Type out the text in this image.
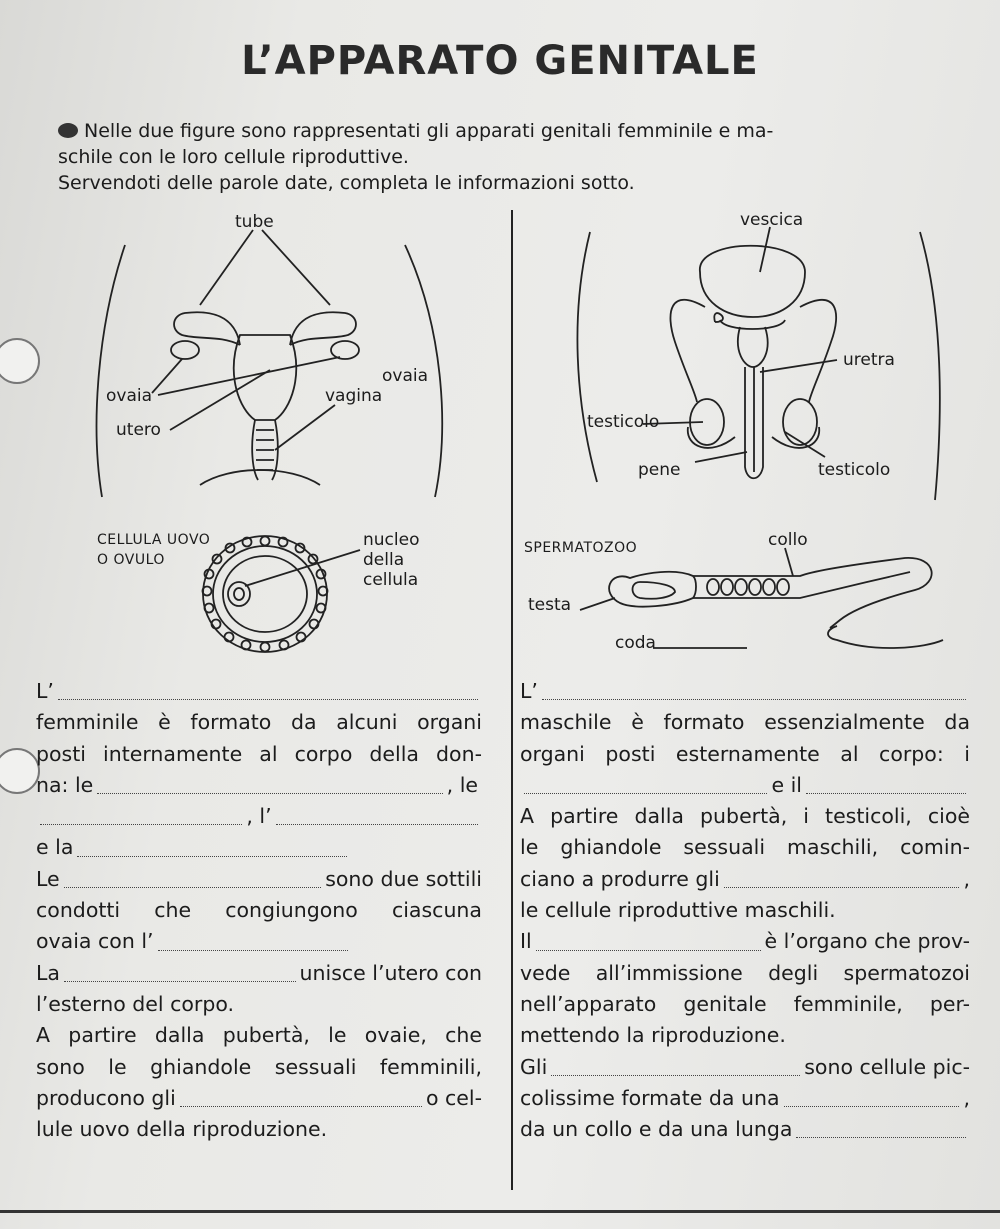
L’APPARATO GENITALE
Nelle due figure sono rappresentati gli apparati genitali femminile e ma-
schile con le loro cellule riproduttive.
Servendoti delle parole date, completa le informazioni sotto.
tube
ovaia
ovaia	vagina
utero
vescica
uretra
testicolo
pene	testicolo
CELLULA UOVO
O OVULO
nucleo
della
cellula
SPERMATOZOO	collo
testa
coda
L’
femminile è formato da alcuni organi
posti internamente al corpo della don-
na: le	, le
, l’
e la
Le	sono due sottili
condotti che congiungono ciascuna
ovaia con l’
La	unisce l’utero con
l’esterno del corpo.
A partire dalla pubertà, le ovaie, che
sono le ghiandole sessuali femminili,
producono gli	o cel-
lule uovo della riproduzione.
L’
maschile è formato essenzialmente da
organi posti esternamente al corpo: i
e il
A partire dalla pubertà, i testicoli, cioè
le ghiandole sessuali maschili, comin-
ciano a produrre gli	,
le cellule riproduttive maschili.
Il	è l’organo che prov-
vede all’immissione degli spermatozoi
nell’apparato genitale femminile, per-
mettendo la riproduzione.
Gli	sono cellule pic-
colissime formate da una	,
da un collo e da una lunga
